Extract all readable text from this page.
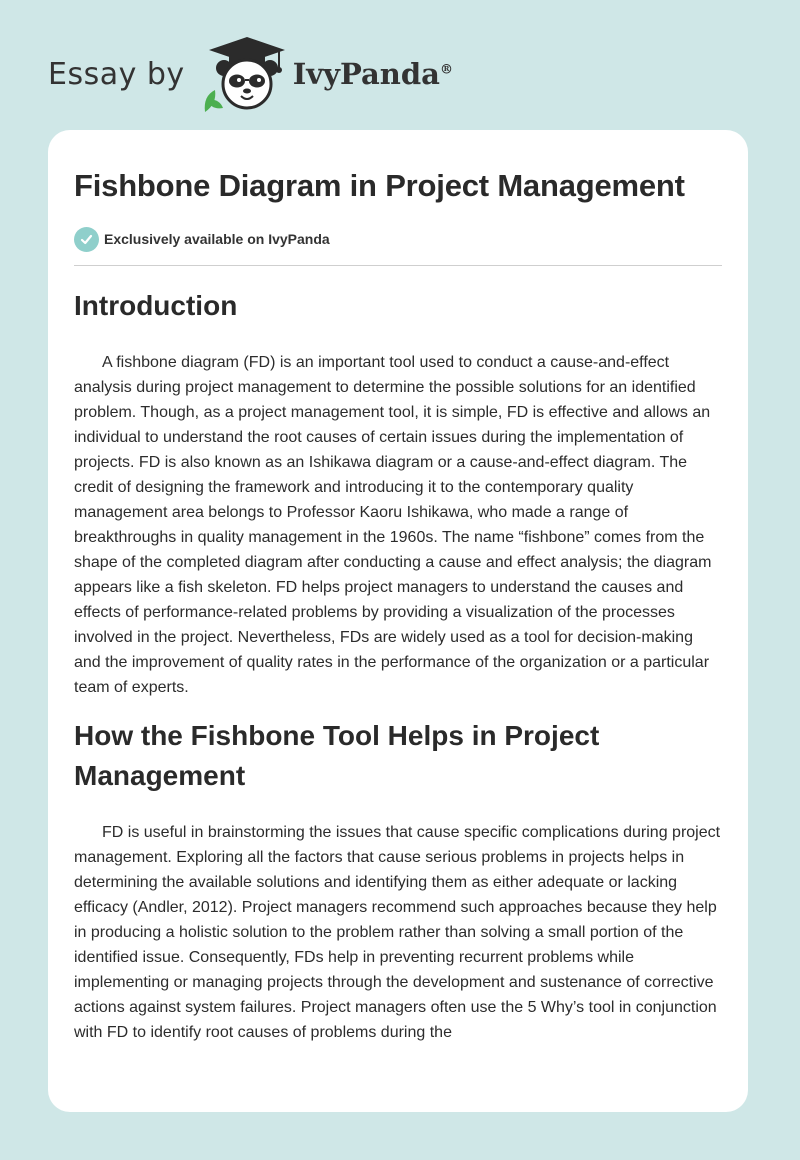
Essay by	IvyPanda®
Fishbone Diagram in Project Management
Exclusively available on IvyPanda
Introduction

A fishbone diagram (FD) is an important tool used to conduct a cause-and-effect analysis during project management to determine the possible solutions for an identified problem. Though, as a project management tool, it is simple, FD is effective and allows an individual to understand the root causes of certain issues during the implementation of projects. FD is also known as an Ishikawa diagram or a cause-and-effect diagram. The credit of designing the framework and introducing it to the contemporary quality management area belongs to Professor Kaoru Ishikawa, who made a range of breakthroughs in quality management in the 1960s. The name “fishbone” comes from the shape of the completed diagram after conducting a cause and effect analysis; the diagram appears like a fish skeleton. FD helps project managers to understand the causes and effects of performance-related problems by providing a visualization of the processes involved in the project. Nevertheless, FDs are widely used as a tool for decision-making and the improvement of quality rates in the performance of the organization or a particular team of experts.

How the Fishbone Tool Helps in Project Management

FD is useful in brainstorming the issues that cause specific complications during project management. Exploring all the factors that cause serious problems in projects helps in determining the available solutions and identifying them as either adequate or lacking efficacy (Andler, 2012). Project managers recommend such approaches because they help in producing a holistic solution to the problem rather than solving a small portion of the identified issue. Consequently, FDs help in preventing recurrent problems while implementing or managing projects through the development and sustenance of corrective actions against system failures. Project managers often use the 5 Why’s tool in conjunction with FD to identify root causes of problems during the
